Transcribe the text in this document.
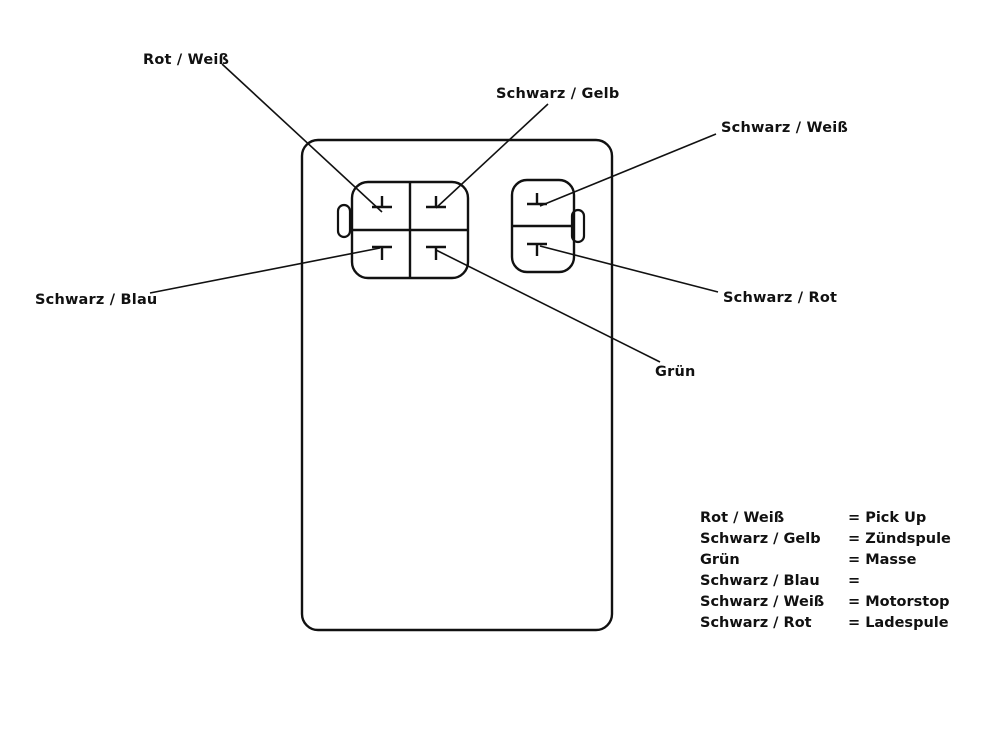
Rot / Weiß
Schwarz / Gelb
Schwarz / Weiß
Schwarz / Blau	Schwarz / Rot
Grün
Rot / Weiß	= Pick Up
Schwarz / Gelb	= Zündspule
Grün	= Masse
Schwarz / Blau	=
Schwarz / Weiß	= Motorstop
Schwarz / Rot	= Ladespule
